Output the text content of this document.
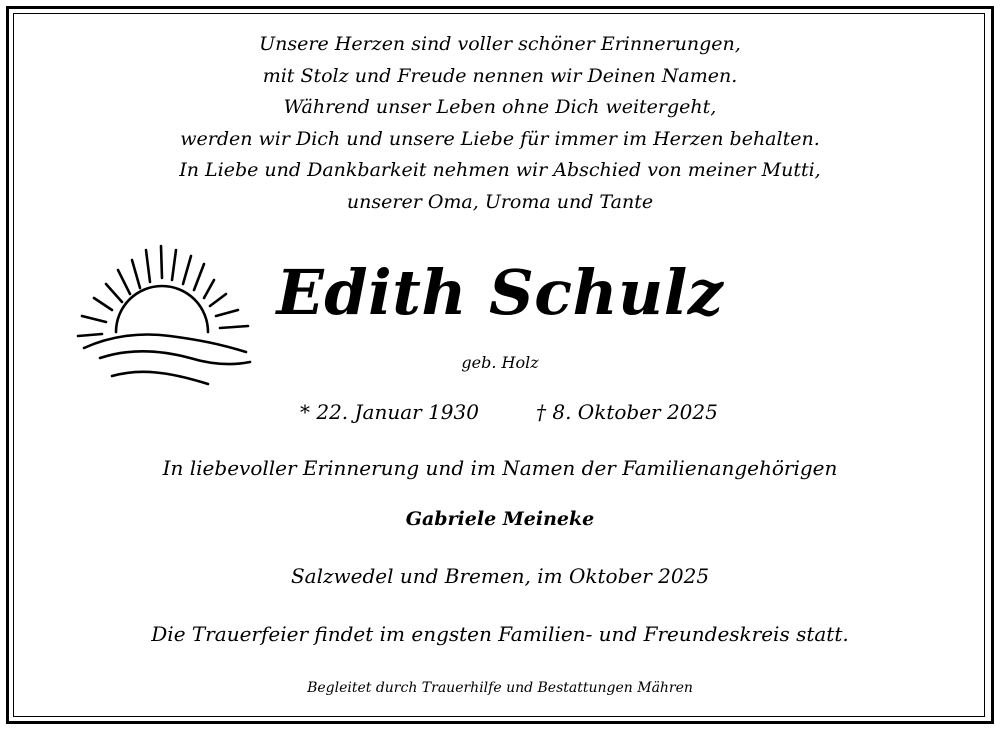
Unsere Herzen sind voller schöner Erinnerungen,
mit Stolz und Freude nennen wir Deinen Namen.
Während unser Leben ohne Dich weitergeht,
werden wir Dich und unsere Liebe für immer im Herzen behalten.
In Liebe und Dankbarkeit nehmen wir Abschied von meiner Mutti,
unserer Oma, Uroma und Tante
Edith Schulz
geb. Holz
* 22. Januar 1930	† 8. Oktober 2025
In liebevoller Erinnerung und im Namen der Familienangehörigen
Gabriele Meineke
Salzwedel und Bremen, im Oktober 2025
Die Trauerfeier findet im engsten Familien- und Freundeskreis statt.
Begleitet durch Trauerhilfe und Bestattungen Mähren
